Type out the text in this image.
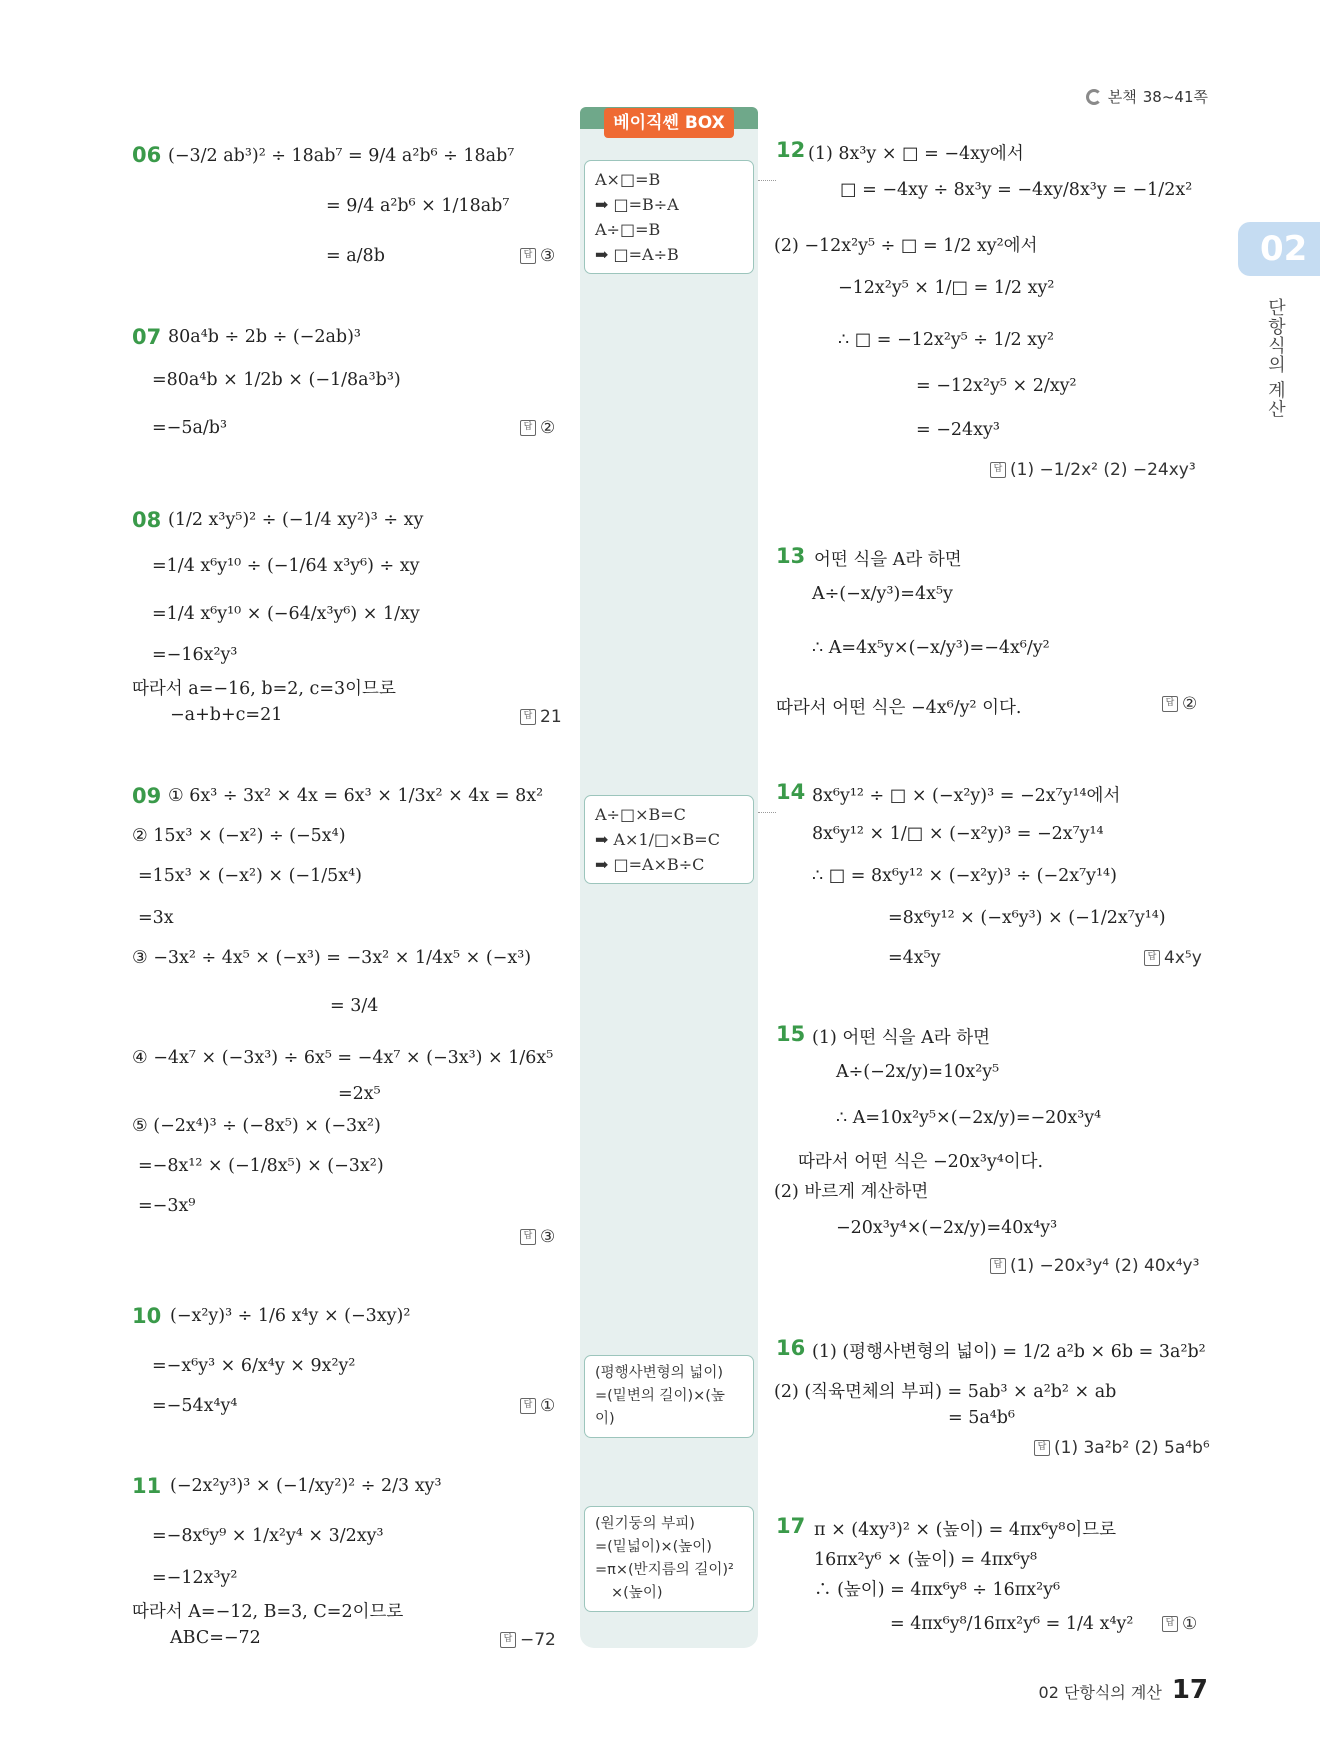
본책 38~41쪽
02
단항식의 계산
베이직쎈 BOX
A×□=B
➡ □=B÷A
A÷□=B
➡ □=A÷B
A÷□×B=C
➡ A×1/□×B=C
➡ □=A×B÷C
(평행사변형의 넓이)
=(밑변의 길이)×(높이)
(원기둥의 부피)
=(밑넓이)×(높이)
=π×(반지름의 길이)²
×(높이)
06 (−3/2 ab³)² ÷ 18ab⁷ = 9/4 a²b⁶ ÷ 18ab⁷
= 9/4 a²b⁶ × 1/18ab⁷
= a/8b	답 ③
07 80a⁴b ÷ 2b ÷ (−2ab)³
=80a⁴b × 1/2b × (−1/8a³b³)
=−5a/b³	답 ②
08 (1/2 x³y⁵)² ÷ (−1/4 xy²)³ ÷ xy
=1/4 x⁶y¹⁰ ÷ (−1/64 x³y⁶) ÷ xy
=1/4 x⁶y¹⁰ × (−64/x³y⁶) × 1/xy
=−16x²y³
따라서 a=−16, b=2, c=3이므로
−a+b+c=21	답 21
09 ① 6x³ ÷ 3x² × 4x = 6x³ × 1/3x² × 4x = 8x²
② 15x³ × (−x²) ÷ (−5x⁴)
=15x³ × (−x²) × (−1/5x⁴)
=3x
③ −3x² ÷ 4x⁵ × (−x³) = −3x² × 1/4x⁵ × (−x³)
= 3/4
④ −4x⁷ × (−3x³) ÷ 6x⁵ = −4x⁷ × (−3x³) × 1/6x⁵
=2x⁵
⑤ (−2x⁴)³ ÷ (−8x⁵) × (−3x²)
=−8x¹² × (−1/8x⁵) × (−3x²)
=−3x⁹
답 ③
10 (−x²y)³ ÷ 1/6 x⁴y × (−3xy)²
=−x⁶y³ × 6/x⁴y × 9x²y²
=−54x⁴y⁴	답 ①
11 (−2x²y³)³ × (−1/xy²)² ÷ 2/3 xy³
=−8x⁶y⁹ × 1/x²y⁴ × 3/2xy³
=−12x³y²
따라서 A=−12, B=3, C=2이므로
ABC=−72	답 −72
12 (1) 8x³y × □ = −4xy에서
□ = −4xy ÷ 8x³y = −4xy/8x³y = −1/2x²
(2) −12x²y⁵ ÷ □ = 1/2 xy²에서
−12x²y⁵ × 1/□ = 1/2 xy²
∴ □ = −12x²y⁵ ÷ 1/2 xy²
= −12x²y⁵ × 2/xy²
= −24xy³
답 (1) −1/2x² (2) −24xy³
13 어떤 식을 A라 하면
A÷(−x/y³)=4x⁵y
∴ A=4x⁵y×(−x/y³)=−4x⁶/y²
따라서 어떤 식은 −4x⁶/y² 이다.	답 ②
14 8x⁶y¹² ÷ □ × (−x²y)³ = −2x⁷y¹⁴에서
8x⁶y¹² × 1/□ × (−x²y)³ = −2x⁷y¹⁴
∴ □ = 8x⁶y¹² × (−x²y)³ ÷ (−2x⁷y¹⁴)
=8x⁶y¹² × (−x⁶y³) × (−1/2x⁷y¹⁴)
=4x⁵y	답 4x⁵y
15 (1) 어떤 식을 A라 하면
A÷(−2x/y)=10x²y⁵
∴ A=10x²y⁵×(−2x/y)=−20x³y⁴
따라서 어떤 식은 −20x³y⁴이다.
(2) 바르게 계산하면
−20x³y⁴×(−2x/y)=40x⁴y³
답 (1) −20x³y⁴ (2) 40x⁴y³
16 (1) (평행사변형의 넓이) = 1/2 a²b × 6b = 3a²b²
(2) (직육면체의 부피) = 5ab³ × a²b² × ab
= 5a⁴b⁶
답 (1) 3a²b² (2) 5a⁴b⁶
17 π × (4xy³)² × (높이) = 4πx⁶y⁸이므로
16πx²y⁶ × (높이) = 4πx⁶y⁸
∴ (높이) = 4πx⁶y⁸ ÷ 16πx²y⁶
= 4πx⁶y⁸/16πx²y⁶ = 1/4 x⁴y²	답 ①
02 단항식의 계산 17
